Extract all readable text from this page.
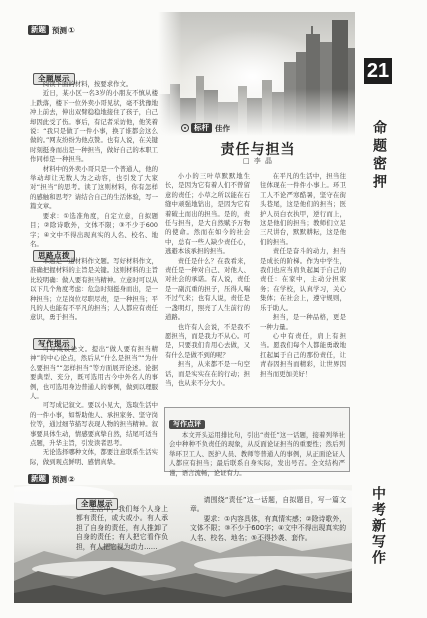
新题 预测 ①
全题展示

阅读下面的材料，按要求作文。

近日，某小区一名3岁的小朋友不慎从楼上跌落，楼下一位外卖小哥见状，毫不犹豫地冲上前去，伸出双臂稳稳地接住了孩子，自己却因此受了伤。事后，有记者采访他，他笑着说：“我只是做了一件小事，换了谁都会这么做的。”网友纷纷为他点赞。也有人说，在关键时刻挺身而出是一种担当，做好自己的本职工作同样是一种担当。

材料中的外卖小哥只是一个普通人，他的举动却让无数人为之动容，也引发了大家对“担当”的思考。读了这则材料，你有怎样的感触和思考？请结合自己的生活体验，写一篇文章。

要求：①选准角度，自定立意，自拟题目；②除诗歌外，文体不限；③不少于600字；④文中不得出现真实的人名、校名、地名。

思路点拨

本题是一道材料作文题。写好材料作文，准确把握材料的主旨是关键。这则材料的主旨比较明确：做人要有担当精神。立意时可以从以下几个角度考虑：危急时刻挺身而出，是一种担当；立足岗位尽职尽责，是一种担当；平凡的人也能有不平凡的担当；人人都应有责任意识，勇于担当。

写作提示

可写成议论文。提出“做人要有担当精神”的中心论点，然后从“什么是担当”“为什么要担当”“怎样担当”等方面展开论述。论据要典型、充分，既可选用古今中外名人的事例，也可选用身边普通人的事例，做到以理服人。

可写成记叙文。要以小见大，选取生活中的一件小事，如帮助他人、承担家务、坚守岗位等，通过细节描写表现人物的担当精神。叙事要具体生动，情感要真挚自然，结尾可适当点题，升华主旨，引发读者思考。

无论选择哪种文体，都要注意联系生活实际，做到观点鲜明、感情真挚。

标杆 佳作
责任与担当
□ 李 晶

小小的三叶草默默地生长，是因为它有着人们不曾留意的责任；小草之所以能在石缝中顽强地钻出，是因为它有着破土而出的担当。是的，责任与担当，是大自然赋予万物的使命。然而在如今的社会中，总有一些人缺少责任心，逃避本该承担的担当。

责任是什么？在我看来，责任是一种对自己、对他人、对社会的承诺。有人说，责任是一副沉重的担子，压得人喘不过气来；也有人说，责任是一盏明灯，照亮了人生前行的道路。

也许有人会说，不是我不愿担当，而是我力不从心。可是，只要我们肯用心去做，又有什么是做不到的呢？

担当，从来都不是一句空话，而是实实在在的行动；担当，也从来不分大小。

在平凡的生活中，担当往往体现在一件件小事上。环卫工人不论严寒酷暑，坚守在街头巷尾，这是他们的担当；医护人员白衣执甲，逆行而上，这是他们的担当；教师们立足三尺讲台，默默耕耘，这是他们的担当。

责任是奋斗的动力，担当是成长的阶梯。作为中学生，我们也应当肩负起属于自己的责任：在家中，主动分担家务；在学校，认真学习，关心集体；在社会上，遵守规则，乐于助人。

担当，是一种品格，更是一种力量。

心中有责任，肩上有担当。愿我们每个人都能勇敢地扛起属于自己的那份责任，让青春因担当而精彩，让世界因担当而更加美好！

写作点评

本文开头运用排比句，引出“责任”这一话题，接着列举社会中种种不负责任的现象，从反面论证担当的重要性；然后列举环卫工人、医护人员、教师等普通人的事例，从正面论证人人都应有担当；最后联系自身实际，发出号召。全文结构严谨，语言流畅，论证有力。

新题 预测 ②
全题展示

生活中，我们每个人身上都有责任，或大或小。有人承担了自身的责任，有人推卸了自身的责任；有人把它看作负担，有人把它视为动力……

请围绕“责任”这一话题，自拟题目，写一篇文章。

要求：①内容具体，有真情实感；②除诗歌外，文体不限；③不少于600字；④文中不得出现真实的人名、校名、地名；⑤不得抄袭、套作。

21
命题密押
中考新写作
